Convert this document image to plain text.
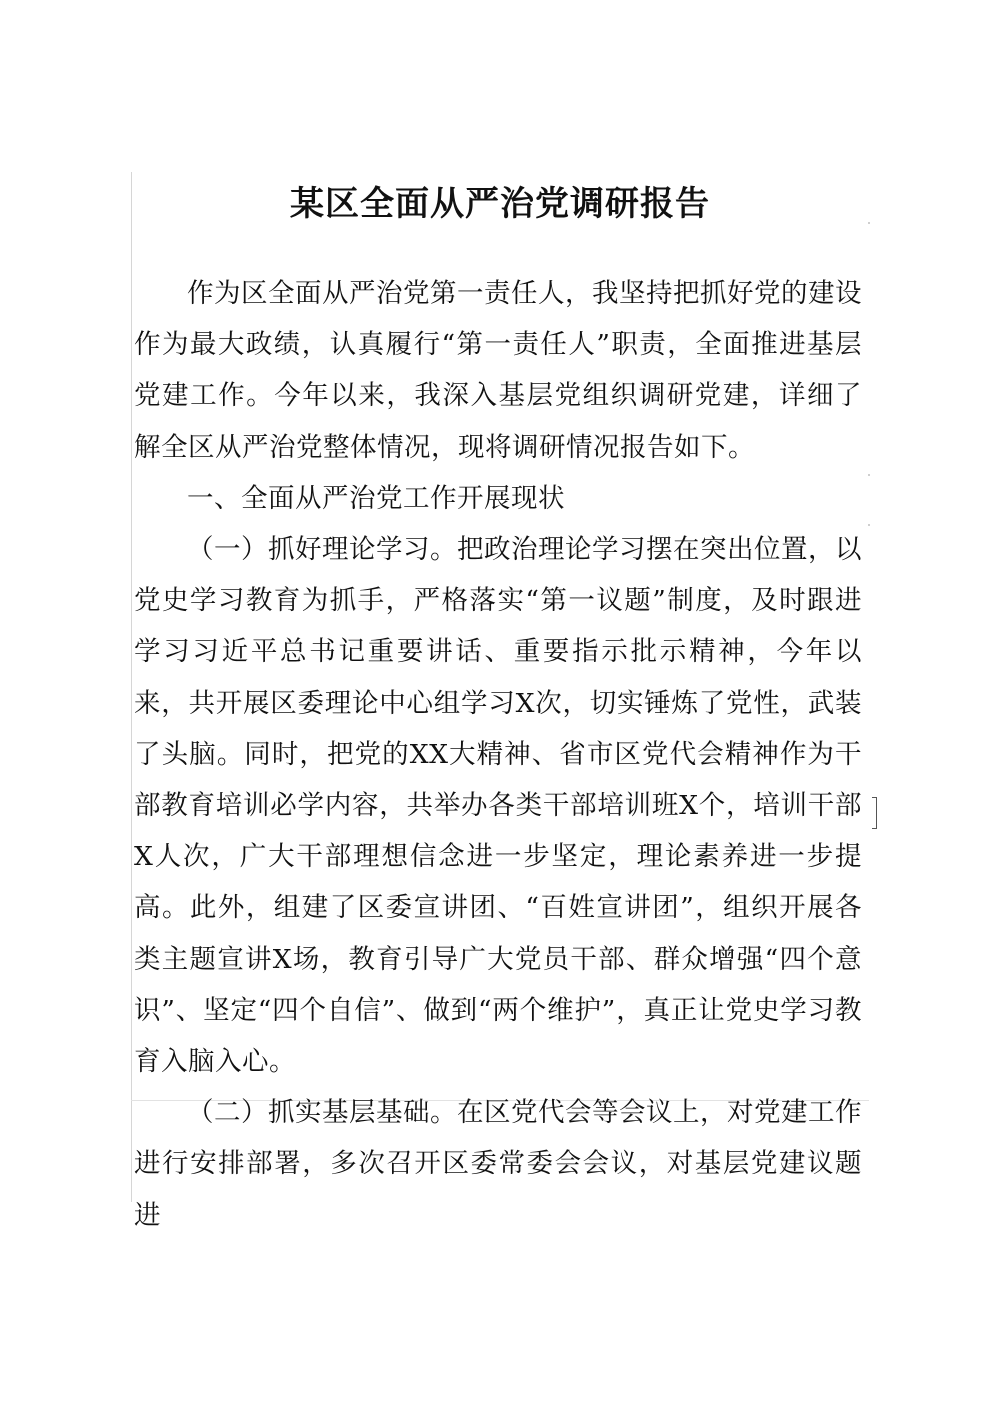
某区全面从严治党调研报告

作为区全面从严治党第一责任人，我坚持把抓好党的建设作为最大政绩，认真履行“第一责任人”职责，全面推进基层党建工作。今年以来，我深入基层党组织调研党建，详细了解全区从严治党整体情况，现将调研情况报告如下。

一、全面从严治党工作开展现状

（一）抓好理论学习。把政治理论学习摆在突出位置，以党史学习教育为抓手，严格落实“第一议题”制度，及时跟进学习习近平总书记重要讲话、重要指示批示精神，今年以来，共开展区委理论中心组学习X次，切实锤炼了党性，武装了头脑。同时，把党的XX大精神、省市区党代会精神作为干部教育培训必学内容，共举办各类干部培训班X个，培训干部X人次，广大干部理想信念进一步坚定，理论素养进一步提高。此外，组建了区委宣讲团、“百姓宣讲团”，组织开展各类主题宣讲X场，教育引导广大党员干部、群众增强“四个意识”、坚定“四个自信”、做到“两个维护”，真正让党史学习教育入脑入心。

（二）抓实基层基础。在区党代会等会议上，对党建工作进行安排部署，多次召开区委常委会会议，对基层党建议题进
